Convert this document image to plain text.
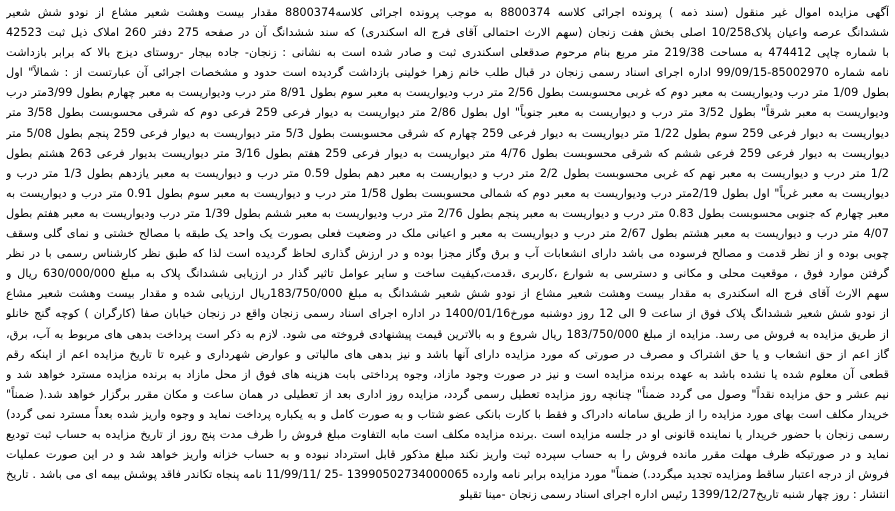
آگهی مزایده اموال غیر منقول (سند ذمه ) پرونده اجرائی کلاسه 8800374 به موجب پرونده اجرائی کلاسه8800374 مقدار بیست وهشت شعیر مشاع از نودو شش شعیر
ششدانگ عرصه واعیان پلاک10/258 اصلی بخش هفت زنجان (سهم الارث احتمالی آقای فرج اله اسکندری) که سند ششدانگ آن در صفحه 275 دفتر 260 املاک ذیل ثبت 42523
با شماره چاپی 474412 به مساحت 219/38 متر مربع بنام مرحوم صدقعلی اسکندری ثبت و صادر شده است به نشانی : زنجان- جاده بیجار -روستای دیزج بالا که برابر بازداشت
نامه شماره 85002970-99/09/15 اداره اجرای اسناد رسمی زنجان در قبال طلب خانم زهرا خولینی بازداشت گردیده است حدود و مشخصات اجرائی آن عبارتست از : شمالاً" اول
بطول 1/09 متر درب ودیواریست به معبر دوم که غربی محسوبست بطول 2/56 متر درب ودیواریست به معبر سوم بطول 8/91 متر درب ودیواریست به معبر چهارم بطول 3/99متر درب
ودیواریست به معبر شرقاً" بطول 3/52 متر درب و دیواریست به معبر جنوباً" اول بطول 2/86 متر دیواریست به دیوار فرعی 259 فرعی دوم که شرقی محسوبست بطول 3/58 متر
دیواریست به دیوار فرعی 259 سوم بطول 1/22 متر دیواریست به دیوار فرعی 259 چهارم که شرقی محسوبست بطول 5/3 متر دیواریست به دیوار فرعی 259 پنجم بطول 5/08 متر
دیواریست به دیوار فرعی 259 فرعی ششم که شرقی محسوبست بطول 4/76 متر دیواریست به دیوار فرعی 259 هفتم بطول 3/16 متر دیواریست بدیوار فرعی 263 هشتم بطول
1/2 متر درب و دیواریست به معبر نهم که غربی محسوبست بطول 2/2 متر درب و دیواریست به معبر دهم بطول 0.59 متر درب و دیواریست به معبر یازدهم بطول 1/3 متر درب و
دیواریست به معبر غرباً" اول بطول 2/19متر درب ودیواریست به معبر دوم که شمالی محسوبست بطول 1/58 متر درب و دیواریست به معبر سوم بطول 0.91 متر درب و دیواریست به
معبر چهارم که جنوبی محسوبست بطول 0.83 متر درب و دیواریست به معبر پنجم بطول 2/76 متر درب ودیواریست به معبر ششم بطول 1/39 متر درب ودیواریست به معبر هفتم بطول
4/07 متر درب و دیواریست به معبر هشتم بطول 2/67 متر درب و دیواریست به معبر و اعیانی ملک در وضعیت فعلی بصورت یک واحد یک طبقه با مصالح خشتی و نمای گلی وسقف
چوبی بوده و از نظر قدمت و مصالح فرسوده می باشد دارای انشعابات آب و برق وگاز مجزا بوده و در ارزش گذاری لحاظ گردیده است لذا که طبق نظر کارشناس رسمی با در نظر
گرفتن موارد فوق ، موقعیت محلی و مکانی و دسترسی به شوارع ،کاربری ،قدمت،کیفیت ساخت و سایر عوامل تاثیر گذار در ارزیابی ششدانگ پلاک به مبلغ 630/000/000 ریال و
سهم الارث آقای فرج اله اسکندری به مقدار بیست وهشت شعیر مشاع از نودو شش شعیر ششدانگ به مبلغ 183/750/000ریال ارزیابی شده و مقدار بیست وهشت شعیر مشاع
از نودو شش شعیر ششدانگ پلاک فوق از ساعت 9 الی 12 روز دوشنبه مورخ1400/01/16 در اداره اجرای اسناد رسمی زنجان واقع در زنجان خیابان صفا (کارگران ) کوچه گنج خانلو
از طریق مزایده به فروش می رسد. مزایده از مبلغ 183/750/000 ریال شروع و به بالاترین قیمت پیشنهادی فروخته می شود. لازم به ذکر است پرداخت بدهی های مربوط به آب، برق،
گاز اعم از حق انشعاب و یا حق اشتراک و مصرف در صورتی که مورد مزایده دارای آنها باشد و نیز بدهی های مالیاتی و عوارض شهرداری و غیره تا تاریخ مزایده اعم از اینکه رقم
قطعی آن معلوم شده یا نشده باشد به عهده برنده مزایده است و نیز در صورت وجود مازاد، وجوه پرداختی بابت هزینه های فوق از محل مازاد به برنده مزایده مسترد خواهد شد و
نیم عشر و حق مزایده نقداً" وصول می گردد ضمناً" چنانچه روز مزایده تعطیل رسمی گردد، مزایده روز اداری بعد از تعطیلی در همان ساعت و مکان مقرر برگزار خواهد شد.( ضمناً"
خریدار مکلف است بهای مورد مزایده را از طریق سامانه دادراک و فقط با کارت بانکی عضو شتاب و به صورت کامل و به یکباره پرداخت نماید و وجوه واریز شده بعداً مسترد نمی گردد)
رسمی زنجان با حضور خریدار یا نماینده قانونی او در جلسه مزایده است .برنده مزایده مکلف است مابه التفاوت مبلغ فروش را ظرف مدت پنج روز از تاریخ مزایده به حساب ثبت تودیع
نماید و در صورتیکه ظرف مهلت مقرر مانده فروش را به حساب سپرده ثبت واریز نکند مبلغ مذکور قابل استرداد نبوده و به حساب خزانه واریز خواهد شد و در این صورت عملیات
فروش از درجه اعتبار ساقط ومزایده تجدید میگردد.) ضمناً" مورد مزایده برابر نامه وارده 13990502734000065 -25 /11/99/11 نامه پنجاه تکاندر فاقد پوشش بیمه ای می باشد . تاریخ
انتشار : روز چهار شنبه تاریخ1399/12/27 رئیس اداره اجرای اسناد رسمی زنجان -مینا تقیلو
